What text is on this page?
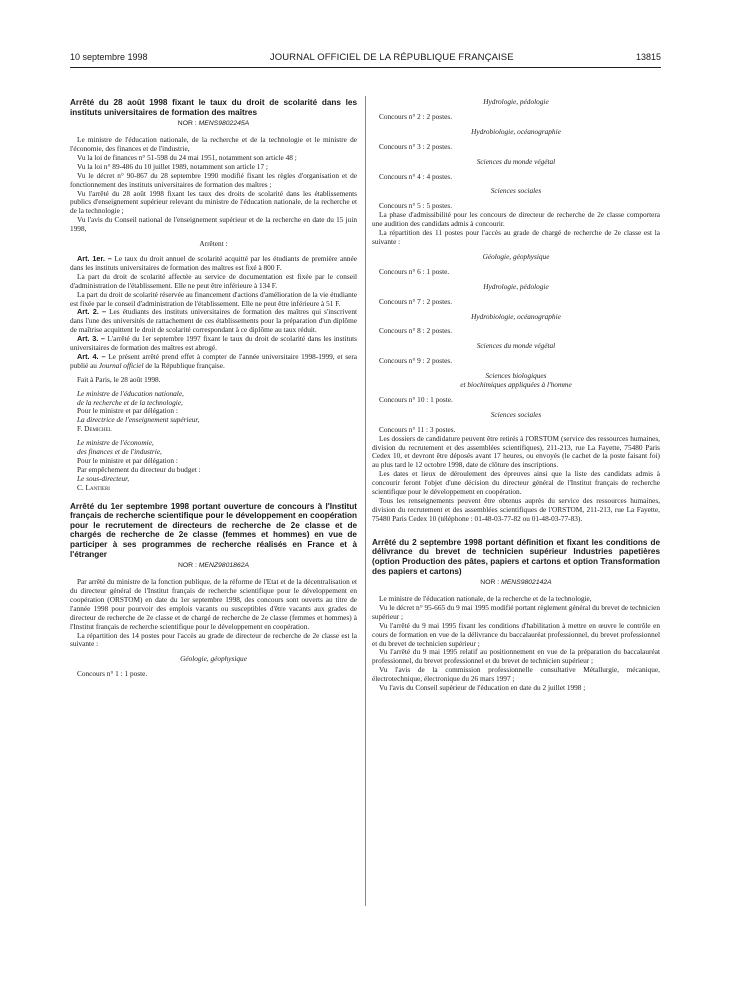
10 septembre 1998	JOURNAL OFFICIEL DE LA RÉPUBLIQUE FRANÇAISE	13815

Arrêté du 28 août 1998 fixant le taux du droit de scolarité dans les instituts universitaires de formation des maîtres

NOR : MENS9802245A

Le ministre de l'éducation nationale, de la recherche et de la technologie et le ministre de l'économie, des finances et de l'industrie,

Vu la loi de finances n° 51-598 du 24 mai 1951, notamment son article 48 ;

Vu la loi n° 89-486 du 10 juillet 1989, notamment son article 17 ;

Vu le décret n° 90-867 du 28 septembre 1990 modifié fixant les règles d'organisation et de fonctionnement des instituts universitaires de formation des maîtres ;

Vu l'arrêté du 28 août 1998 fixant les taux des droits de scolarité dans les établissements publics d'enseignement supérieur relevant du ministre de l'éducation nationale, de la recherche et de la technologie ;

Vu l'avis du Conseil national de l'enseignement supérieur et de la recherche en date du 15 juin 1998,

Arrêtent :

Art. 1er. – Le taux du droit annuel de scolarité acquitté par les étudiants de première année dans les instituts universitaires de formation des maîtres est fixé à 800 F.

La part du droit de scolarité affectée au service de documentation est fixée par le conseil d'administration de l'établissement. Elle ne peut être inférieure à 134 F.

La part du droit de scolarité réservée au financement d'actions d'amélioration de la vie étudiante est fixée par le conseil d'administration de l'établissement. Elle ne peut être inférieure à 51 F.

Art. 2. – Les étudiants des instituts universitaires de formation des maîtres qui s'inscrivent dans l'une des universités de rattachement de ces établissements pour la préparation d'un diplôme de maîtrise acquittent le droit de scolarité correspondant à ce diplôme au taux réduit.

Art. 3. – L'arrêté du 1er septembre 1997 fixant le taux du droit de scolarité dans les instituts universitaires de formation des maîtres est abrogé.

Art. 4. – Le présent arrêté prend effet à compter de l'année universitaire 1998-1999, et sera publié au Journal officiel de la République française.

Fait à Paris, le 28 août 1998.

Le ministre de l'éducation nationale,

de la recherche et de la technologie,

Pour le ministre et par délégation :

La directrice de l'enseignement supérieur,

F. Demichel

Le ministre de l'économie,

des finances et de l'industrie,

Pour le ministre et par délégation :

Par empêchement du directeur du budget :

Le sous-directeur,

C. Lantieri

Arrêté du 1er septembre 1998 portant ouverture de concours à l'Institut français de recherche scientifique pour le développement en coopération pour le recrutement de directeurs de recherche de 2e classe et de chargés de recherche de 2e classe (femmes et hommes) en vue de participer à ses programmes de recherche réalisés en France et à l'étranger

NOR : MENZ9801862A

Par arrêté du ministre de la fonction publique, de la réforme de l'Etat et de la décentralisation et du directeur général de l'Institut français de recherche scientifique pour le développement en coopération (ORSTOM) en date du 1er septembre 1998, des concours sont ouverts au titre de l'année 1998 pour pourvoir des emplois vacants ou susceptibles d'être vacants aux grades de directeur de recherche de 2e classe et de chargé de recherche de 2e classe (femmes et hommes) à l'Institut français de recherche scientifique pour le développement en coopération.

La répartition des 14 postes pour l'accès au grade de directeur de recherche de 2e classe est la suivante :

Géologie, géophysique

Concours n° 1 : 1 poste.

Hydrologie, pédologie

Concours n° 2 : 2 postes.

Hydrobiologie, océanographie

Concours n° 3 : 2 postes.

Sciences du monde végétal

Concours n° 4 : 4 postes.

Sciences sociales

Concours n° 5 : 5 postes.

La phase d'admissibilité pour les concours de directeur de recherche de 2e classe comportera une audition des candidats admis à concourir.

La répartition des 11 postes pour l'accès au grade de chargé de recherche de 2e classe est la suivante :

Géologie, géophysique

Concours n° 6 : 1 poste.

Hydrologie, pédologie

Concours n° 7 : 2 postes.

Hydrobiologie, océanographie

Concours n° 8 : 2 postes.

Sciences du monde végétal

Concours n° 9 : 2 postes.

Sciences biologiques
et biochimiques appliquées à l'homme

Concours n° 10 : 1 poste.

Sciences sociales

Concours n° 11 : 3 postes.

Les dossiers de candidature peuvent être retirés à l'ORSTOM (service des ressources humaines, division du recrutement et des assemblées scientifiques), 211-213, rue La Fayette, 75480 Paris Cedex 10, et devront être déposés avant 17 heures, ou envoyés (le cachet de la poste faisant foi) au plus tard le 12 octobre 1998, date de clôture des inscriptions.

Les dates et lieux de déroulement des épreuves ainsi que la liste des candidats admis à concourir feront l'objet d'une décision du directeur général de l'Institut français de recherche scientifique pour le développement en coopération.

Tous les renseignements peuvent être obtenus auprès du service des ressources humaines, division du recrutement et des assemblées scientifiques de l'ORSTOM, 211-213, rue La Fayette, 75480 Paris Cedex 10 (téléphone : 01-48-03-77-82 ou 01-48-03-77-83).

Arrêté du 2 septembre 1998 portant définition et fixant les conditions de délivrance du brevet de technicien supérieur Industries papetières (option Production des pâtes, papiers et cartons et option Transformation des papiers et cartons)

NOR : MENS9802142A

Le ministre de l'éducation nationale, de la recherche et de la technologie,

Vu le décret n° 95-665 du 9 mai 1995 modifié portant règlement général du brevet de technicien supérieur ;

Vu l'arrêté du 9 mai 1995 fixant les conditions d'habilitation à mettre en œuvre le contrôle en cours de formation en vue de la délivrance du baccalauréat professionnel, du brevet professionnel et du brevet de technicien supérieur ;

Vu l'arrêté du 9 mai 1995 relatif au positionnement en vue de la préparation du baccalauréat professionnel, du brevet professionnel et du brevet de technicien supérieur ;

Vu l'avis de la commission professionnelle consultative Métallurgie, mécanique, électrotechnique, électronique du 26 mars 1997 ;

Vu l'avis du Conseil supérieur de l'éducation en date du 2 juillet 1998 ;
